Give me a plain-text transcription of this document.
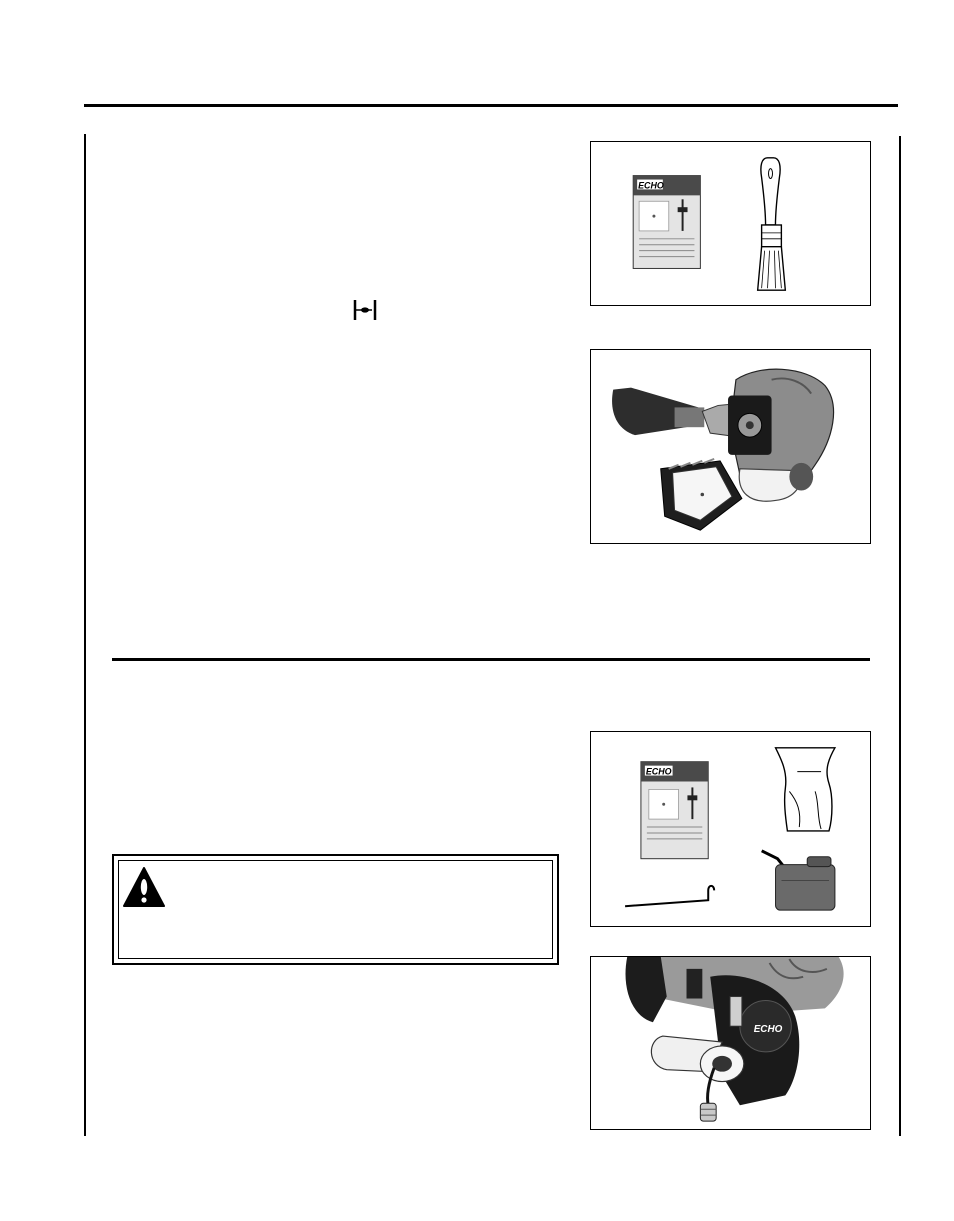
ECHO
ECHO
ECHO
